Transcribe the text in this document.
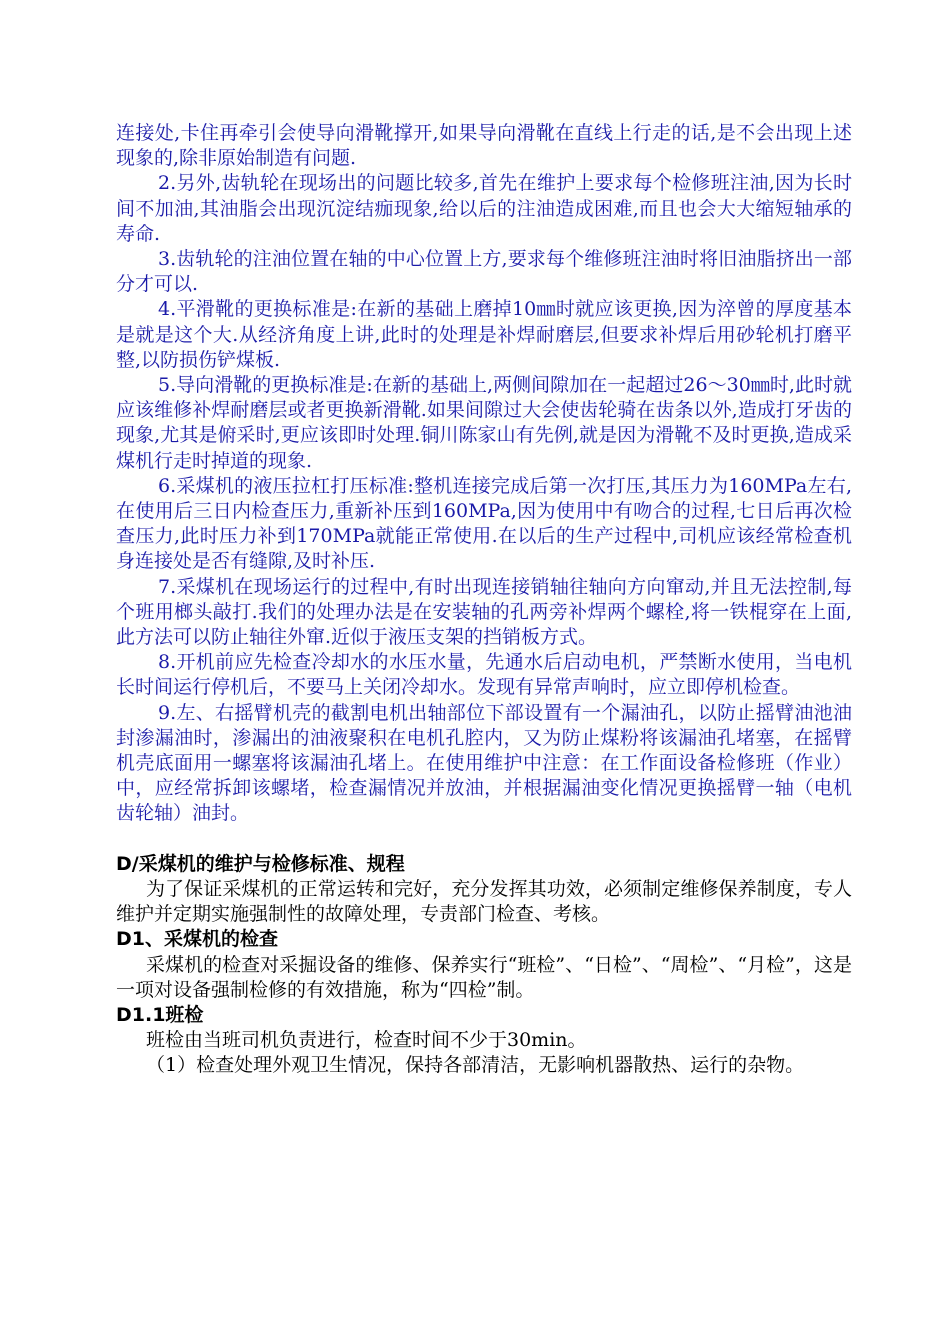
连接处,卡住再牵引会使导向滑靴撑开,如果导向滑靴在直线上行走的话,是不会出现上述现象的,除非原始制造有问题.

2.另外,齿轨轮在现场出的问题比较多,首先在维护上要求每个检修班注油,因为长时间不加油,其油脂会出现沉淀结痂现象,给以后的注油造成困难,而且也会大大缩短轴承的寿命.

3.齿轨轮的注油位置在轴的中心位置上方,要求每个维修班注油时将旧油脂挤出一部分才可以.

4.平滑靴的更换标准是:在新的基础上磨掉10㎜时就应该更换,因为淬曾的厚度基本是就是这个大.从经济角度上讲,此时的处理是补焊耐磨层,但要求补焊后用砂轮机打磨平整,以防损伤铲煤板.

5.导向滑靴的更换标准是:在新的基础上,两侧间隙加在一起超过26～30㎜时,此时就应该维修补焊耐磨层或者更换新滑靴.如果间隙过大会使齿轮骑在齿条以外,造成打牙齿的现象,尤其是俯采时,更应该即时处理.铜川陈家山有先例,就是因为滑靴不及时更换,造成采煤机行走时掉道的现象.

6.采煤机的液压拉杠打压标准:整机连接完成后第一次打压,其压力为160MPa左右,在使用后三日内检查压力,重新补压到160MPa,因为使用中有吻合的过程,七日后再次检查压力,此时压力补到170MPa就能正常使用.在以后的生产过程中,司机应该经常检查机身连接处是否有缝隙,及时补压.

7.采煤机在现场运行的过程中,有时出现连接销轴往轴向方向窜动,并且无法控制,每个班用榔头敲打.我们的处理办法是在安装轴的孔两旁补焊两个螺栓,将一铁棍穿在上面,此方法可以防止轴往外窜.近似于液压支架的挡销板方式。

8.开机前应先检查冷却水的水压水量，先通水后启动电机，严禁断水使用，当电机长时间运行停机后，不要马上关闭冷却水。发现有异常声响时，应立即停机检查。

9.左、右摇臂机壳的截割电机出轴部位下部设置有一个漏油孔，以防止摇臂油池油封渗漏油时，渗漏出的油液聚积在电机孔腔内，又为防止煤粉将该漏油孔堵塞，在摇臂机壳底面用一螺塞将该漏油孔堵上。在使用维护中注意：在工作面设备检修班（作业）中，应经常拆卸该螺堵，检查漏情况并放油，并根据漏油变化情况更换摇臂一轴（电机齿轮轴）油封。

D/采煤机的维护与检修标准、规程

为了保证采煤机的正常运转和完好，充分发挥其功效，必须制定维修保养制度，专人维护并定期实施强制性的故障处理，专责部门检查、考核。

D1、采煤机的检查

采煤机的检查对采掘设备的维修、保养实行“班检”、“日检”、“周检”、“月检”，这是一项对设备强制检修的有效措施，称为“四检”制。

D1.1班检

班检由当班司机负责进行，检查时间不少于30min。

（1）检查处理外观卫生情况，保持各部清洁，无影响机器散热、运行的杂物。
